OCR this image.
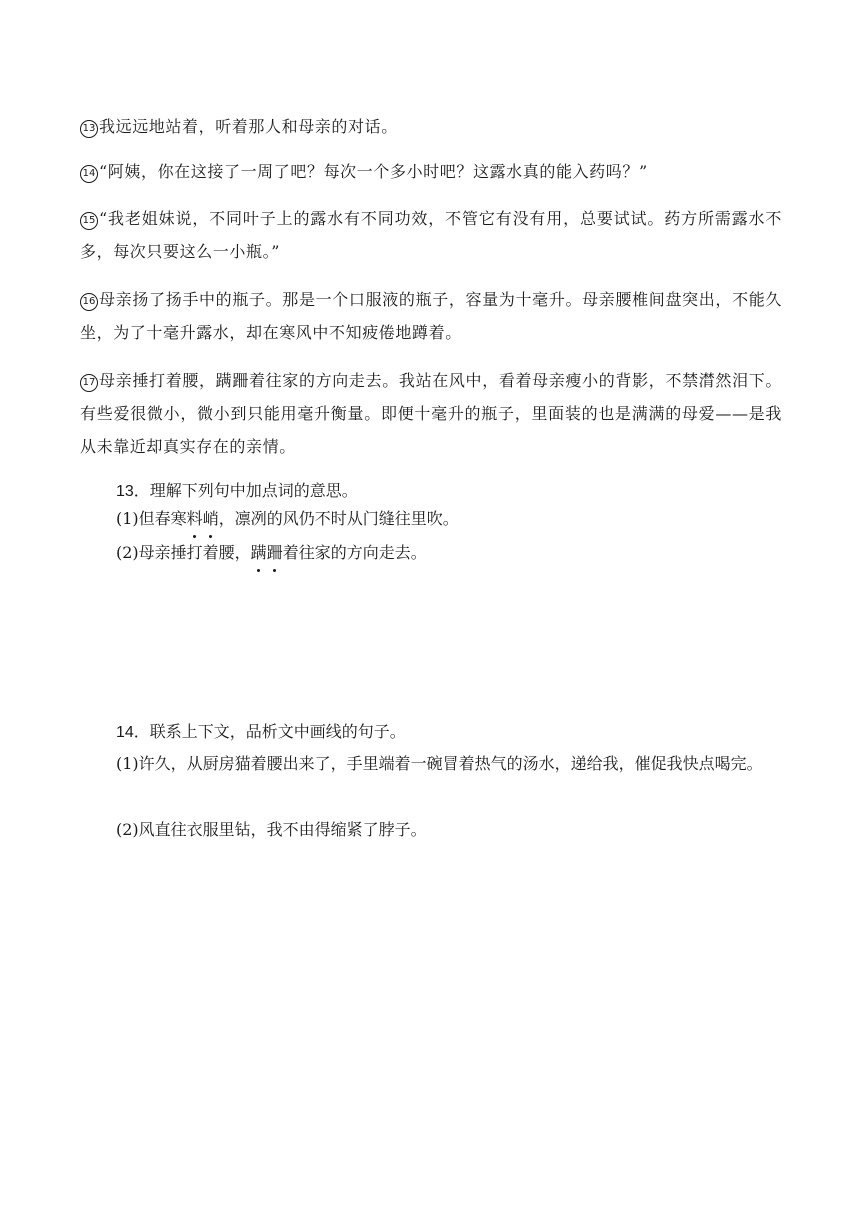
13 我远远地站着，听着那人和母亲的对话。

14 “阿姨，你在这接了一周了吧？每次一个多小时吧？这露水真的能入药吗？”

15 “我老姐妹说，不同叶子上的露水有不同功效，不管它有没有用，总要试试。药方所需露水不多，每次只要这么一小瓶。”

16 母亲扬了扬手中的瓶子。那是一个口服液的瓶子，容量为十毫升。母亲腰椎间盘突出，不能久坐，为了十毫升露水，却在寒风中不知疲倦地蹲着。

17 母亲捶打着腰，蹒跚着往家的方向走去。我站在风中，看着母亲瘦小的背影，不禁潸然泪下。有些爱很微小，微小到只能用毫升衡量。即便十毫升的瓶子，里面装的也是满满的母爱——是我从未靠近却真实存在的亲情。

13．理解下列句中加点词的意思。

(1)但春寒料峭，凛冽的风仍不时从门缝往里吹。

(2)母亲捶打着腰，蹒跚着往家的方向走去。

14．联系上下文，品析文中画线的句子。

(1)许久，从厨房猫着腰出来了，手里端着一碗冒着热气的汤水，递给我，催促我快点喝完。

(2)风直往衣服里钻，我不由得缩紧了脖子。
